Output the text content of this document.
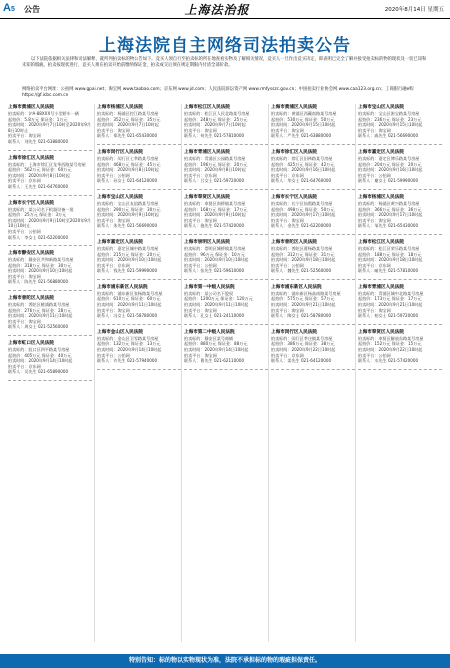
A5 公告	上海法治报	2020年8月14日 星期五
上海法院自主网络司法拍卖公告

以下法院依据相关法律和司法解释，就所列拍卖标的物公告如下。竞买人须自行至拍卖标的所在地查看实物及了解相关情况，竞买人一旦作出竞买决定，即表明已完全了解并接受拍卖标的物的现状及一切已知和未知的瑕疵。拍卖按现状进行，竞买人须在拍卖开始前缴纳保证金，拍卖成交后须在规定期限内付清全部价款。

网络拍卖平台网址：公拍网 www.gpai.net；淘宝网 www.taobao.com；京东网 www.jd.com；人民法院诉讼资产网 www.rmfysszc.gov.cn；中国拍卖行业协会网 www.caa123.org.cn；工商银行融e购 https://gf.icbc.com.cn

上海市黄浦区人民法院
拍卖标的：沪A·88XXX号小型轿车一辆
起拍价：5.8万元 保证金：1万元
拍卖时间：2020年9月7日10时至2020年9月8日10时止
拍卖平台：淘宝网
联系人：刘先生 021-63880000
上海市徐汇区人民法院
拍卖标的：上海市徐汇区龙华西路某号房屋
起拍价：562万元 保证金：60万元
拍卖时间：2020年9月8日10时起
拍卖平台：京东网
联系人：王先生 021-64760000
上海市长宁区人民法院
拍卖标的：某公司名下机器设备一批
起拍价：25万元 保证金：3万元
拍卖时间：2020年9月9日10时至2020年9月10日10时止
拍卖平台：公拍网
联系人：李女士 021-62200000
上海市静安区人民法院
拍卖标的：静安区共和新路某号房屋
起拍价：318万元 保证金：30万元
拍卖时间：2020年9月10日10时起
拍卖平台：淘宝网
联系人：陈先生 021-56880000
上海市普陀区人民法院
拍卖标的：普陀区桃浦路某号房屋
起拍价：276万元 保证金：28万元
拍卖时间：2020年9月11日10时起
拍卖平台：淘宝网
联系人：周女士 021-52560000
上海市虹口区人民法院
拍卖标的：虹口区四平路某号房屋
起拍价：405万元 保证金：40万元
拍卖时间：2020年9月14日10时起
拍卖平台：京东网
联系人：吴先生 021-65890000
上海市杨浦区人民法院
拍卖标的：杨浦区控江路某号房屋
起拍价：352万元 保证金：35万元
拍卖时间：2020年9月7日10时起
拍卖平台：淘宝网
联系人：郑先生 021-65430000
上海市闵行区人民法院
拍卖标的：闵行区七莘路某号房屋
起拍价：468万元 保证金：45万元
拍卖时间：2020年9月8日10时起
拍卖平台：公拍网
联系人：孙女士 021-64120000
上海市宝山区人民法院
拍卖标的：宝山区友谊路某号房屋
起拍价：290万元 保证金：30万元
拍卖时间：2020年9月9日10时起
拍卖平台：淘宝网
联系人：朱先生 021-56690000
上海市嘉定区人民法院
拍卖标的：嘉定区城中路某号房屋
起拍价：215万元 保证金：20万元
拍卖时间：2020年9月10日10时起
拍卖平台：京东网
联系人：钱先生 021-59990000
上海市浦东新区人民法院
拍卖标的：浦东新区张杨路某号房屋
起拍价：610万元 保证金：60万元
拍卖时间：2020年9月11日10时起
拍卖平台：淘宝网
联系人：冯女士 021-58780000
上海市金山区人民法院
拍卖标的：金山区卫零路某号房屋
起拍价：132万元 保证金：13万元
拍卖时间：2020年9月14日10时起
拍卖平台：公拍网
联系人：许先生 021-57940000
上海市松江区人民法院
拍卖标的：松江区人民北路某号房屋
起拍价：248万元 保证金：25万元
拍卖时间：2020年9月7日10时起
拍卖平台：淘宝网
联系人：何先生 021-57810000
上海市青浦区人民法院
拍卖标的：青浦区公园路某号房屋
起拍价：196万元 保证金：20万元
拍卖时间：2020年9月8日10时起
拍卖平台：京东网
联系人：吕女士 021-59720000
上海市奉贤区人民法院
拍卖标的：奉贤区南桥镇某号房屋
起拍价：168万元 保证金：17万元
拍卖时间：2020年9月9日10时起
拍卖平台：淘宝网
联系人：施先生 021-57420000
上海市崇明区人民法院
拍卖标的：崇明区城桥镇某号房屋
起拍价：96万元 保证金：10万元
拍卖时间：2020年9月10日10时起
拍卖平台：公拍网
联系人：张先生 021-59610000
上海市第一中级人民法院
拍卖标的：某公司名下股权
起拍价：1200万元 保证金：120万元
拍卖时间：2020年9月11日10时起
拍卖平台：淘宝网
联系人：孔女士 021-24110000
上海市第二中级人民法院
拍卖标的：静安区某号商铺
起拍价：880万元 保证金：88万元
拍卖时间：2020年9月14日10时起
拍卖平台：淘宝网
联系人：曹先生 021-62110000
上海市黄浦区人民法院
拍卖标的：黄浦区西藏南路某号房屋
起拍价：530万元 保证金：50万元
拍卖时间：2020年9月15日10时起
拍卖平台：淘宝网
联系人：严先生 021-63880000
上海市徐汇区人民法院
拍卖标的：徐汇区田林路某号房屋
起拍价：425万元 保证金：42万元
拍卖时间：2020年9月16日10时起
拍卖平台：京东网
联系人：华女士 021-64760000
上海市长宁区人民法院
拍卖标的：长宁区仙霞路某号房屋
起拍价：498万元 保证金：50万元
拍卖时间：2020年9月17日10时起
拍卖平台：淘宝网
联系人：金先生 021-62200000
上海市普陀区人民法院
拍卖标的：普陀区曹杨路某号房屋
起拍价：312万元 保证金：31万元
拍卖时间：2020年9月18日10时起
拍卖平台：公拍网
联系人：魏先生 021-52560000
上海市浦东新区人民法院
拍卖标的：浦东新区杨高南路某号房屋
起拍价：575万元 保证金：57万元
拍卖时间：2020年9月21日10时起
拍卖平台：淘宝网
联系人：陶女士 021-58780000
上海市闵行区人民法院
拍卖标的：闵行区莘庄镇某号房屋
起拍价：386万元 保证金：38万元
拍卖时间：2020年9月22日10时起
拍卖平台：京东网
联系人：姜先生 021-64120000
上海市宝山区人民法院
拍卖标的：宝山区淞宝路某号房屋
起拍价：236万元 保证金：23万元
拍卖时间：2020年9月15日10时起
拍卖平台：淘宝网
联系人：戚先生 021-56690000
上海市嘉定区人民法院
拍卖标的：嘉定区博乐路某号房屋
起拍价：204万元 保证金：20万元
拍卖时间：2020年9月16日10时起
拍卖平台：公拍网
联系人：谢女士 021-59990000
上海市杨浦区人民法院
拍卖标的：杨浦区黄兴路某号房屋
起拍价：366万元 保证金：36万元
拍卖时间：2020年9月17日10时起
拍卖平台：淘宝网
联系人：邹先生 021-65430000
上海市松江区人民法院
拍卖标的：松江区荣乐路某号房屋
起拍价：188万元 保证金：18万元
拍卖时间：2020年9月18日10时起
拍卖平台：京东网
联系人：喻先生 021-57810000
上海市青浦区人民法院
拍卖标的：青浦区城中北路某号房屋
起拍价：173万元 保证金：17万元
拍卖时间：2020年9月21日10时起
拍卖平台：淘宝网
联系人：柏女士 021-59720000
上海市奉贤区人民法院
拍卖标的：奉贤区解放东路某号房屋
起拍价：152万元 保证金：15万元
拍卖时间：2020年9月22日10时起
拍卖平台：公拍网
联系人：水先生 021-57420000
特别告知：标的物以实物现状为准，法院不承担标的物的瑕疵担保责任。
